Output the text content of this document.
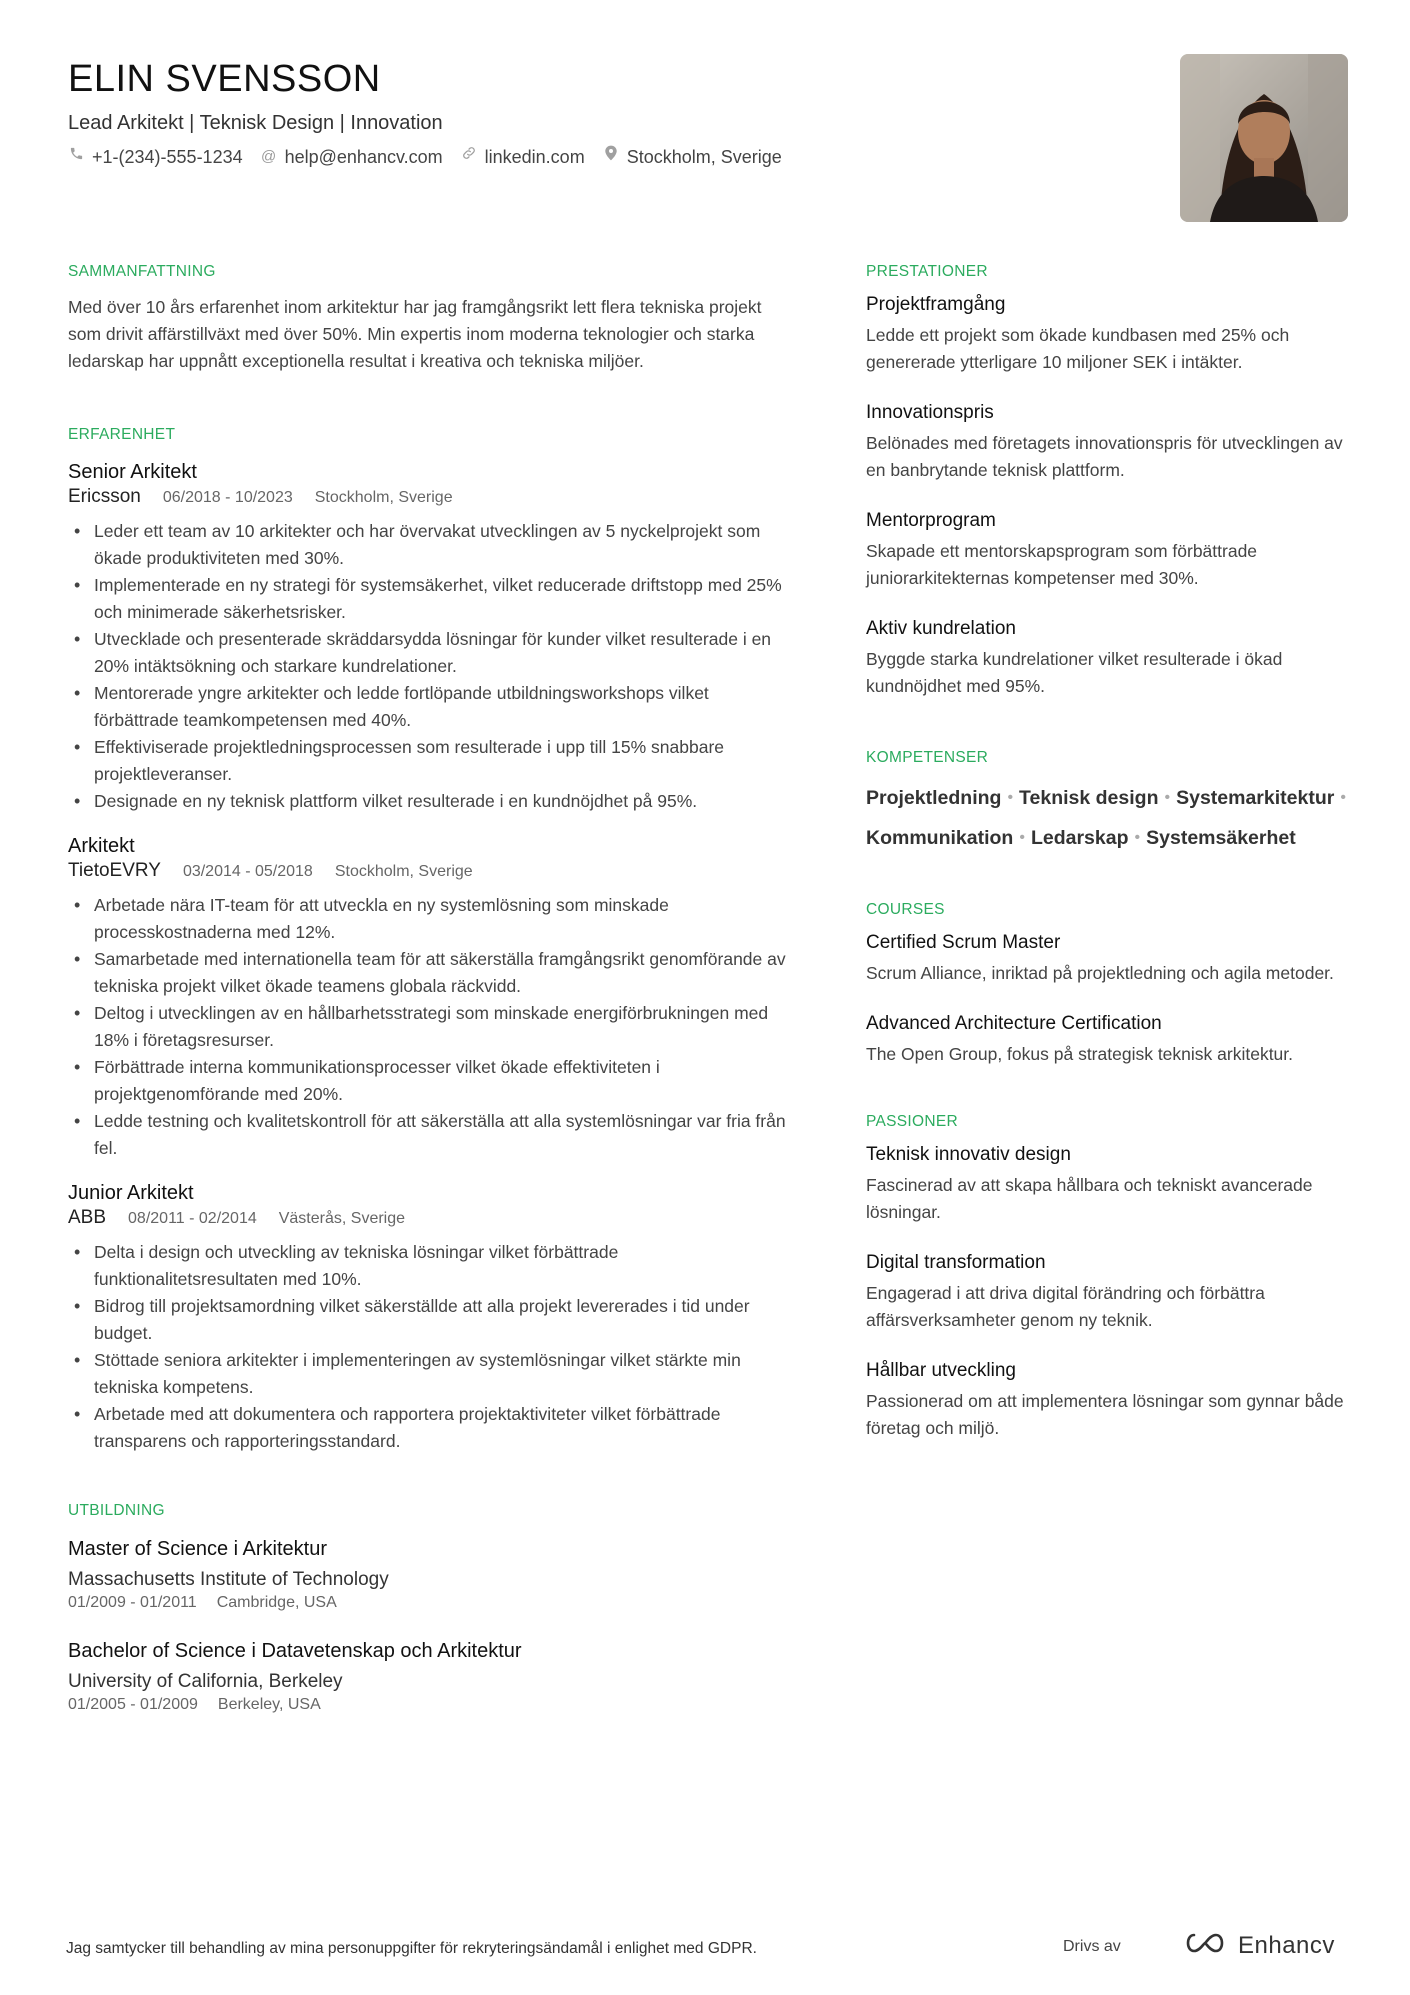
ELIN SVENSSON
Lead Arkitekt | Teknisk Design | Innovation
+1-(234)-555-1234 @ help@enhancv.com linkedin.com Stockholm, Sverige
SAMMANFATTNING
Med över 10 års erfarenhet inom arkitektur har jag framgångsrikt lett flera tekniska projekt som drivit affärstillväxt med över 50%. Min expertis inom moderna teknologier och starka ledarskap har uppnått exceptionella resultat i kreativa och tekniska miljöer.
ERFARENHET
Senior Arkitekt
Ericsson 06/2018 - 10/2023 Stockholm, Sverige
• Leder ett team av 10 arkitekter och har övervakat utvecklingen av 5 nyckelprojekt som ökade produktiviteten med 30%.
• Implementerade en ny strategi för systemsäkerhet, vilket reducerade driftstopp med 25% och minimerade säkerhetsrisker.
• Utvecklade och presenterade skräddarsydda lösningar för kunder vilket resulterade i en 20% intäktsökning och starkare kundrelationer.
• Mentorerade yngre arkitekter och ledde fortlöpande utbildningsworkshops vilket förbättrade teamkompetensen med 40%.
• Effektiviserade projektledningsprocessen som resulterade i upp till 15% snabbare projektleveranser.
• Designade en ny teknisk plattform vilket resulterade i en kundnöjdhet på 95%.
Arkitekt
TietoEVRY 03/2014 - 05/2018 Stockholm, Sverige
• Arbetade nära IT-team för att utveckla en ny systemlösning som minskade processkostnaderna med 12%.
• Samarbetade med internationella team för att säkerställa framgångsrikt genomförande av tekniska projekt vilket ökade teamens globala räckvidd.
• Deltog i utvecklingen av en hållbarhetsstrategi som minskade energiförbrukningen med 18% i företagsresurser.
• Förbättrade interna kommunikationsprocesser vilket ökade effektiviteten i projektgenomförande med 20%.
• Ledde testning och kvalitetskontroll för att säkerställa att alla systemlösningar var fria från fel.
Junior Arkitekt
ABB 08/2011 - 02/2014 Västerås, Sverige
• Delta i design och utveckling av tekniska lösningar vilket förbättrade funktionalitetsresultaten med 10%.
• Bidrog till projektsamordning vilket säkerställde att alla projekt levererades i tid under budget.
• Stöttade seniora arkitekter i implementeringen av systemlösningar vilket stärkte min tekniska kompetens.
• Arbetade med att dokumentera och rapportera projektaktiviteter vilket förbättrade transparens och rapporteringsstandard.
UTBILDNING
Master of Science i Arkitektur
Massachusetts Institute of Technology
01/2009 - 01/2011 Cambridge, USA
Bachelor of Science i Datavetenskap och Arkitektur
University of California, Berkeley
01/2005 - 01/2009 Berkeley, USA
PRESTATIONER
Projektframgång
Ledde ett projekt som ökade kundbasen med 25% och genererade ytterligare 10 miljoner SEK i intäkter.
Innovationspris
Belönades med företagets innovationspris för utvecklingen av en banbrytande teknisk plattform.
Mentorprogram
Skapade ett mentorskapsprogram som förbättrade juniorarkitekternas kompetenser med 30%.
Aktiv kundrelation
Byggde starka kundrelationer vilket resulterade i ökad kundnöjdhet med 95%.
KOMPETENSER
Projektledning • Teknisk design • Systemarkitektur •
Kommunikation • Ledarskap • Systemsäkerhet
COURSES
Certified Scrum Master
Scrum Alliance, inriktad på projektledning och agila metoder.
Advanced Architecture Certification
The Open Group, fokus på strategisk teknisk arkitektur.
PASSIONER
Teknisk innovativ design
Fascinerad av att skapa hållbara och tekniskt avancerade lösningar.
Digital transformation
Engagerad i att driva digital förändring och förbättra affärsverksamheter genom ny teknik.
Hållbar utveckling
Passionerad om att implementera lösningar som gynnar både företag och miljö.
Jag samtycker till behandling av mina personuppgifter för rekryteringsändamål i enlighet med GDPR.	Drivs av	Enhancv
